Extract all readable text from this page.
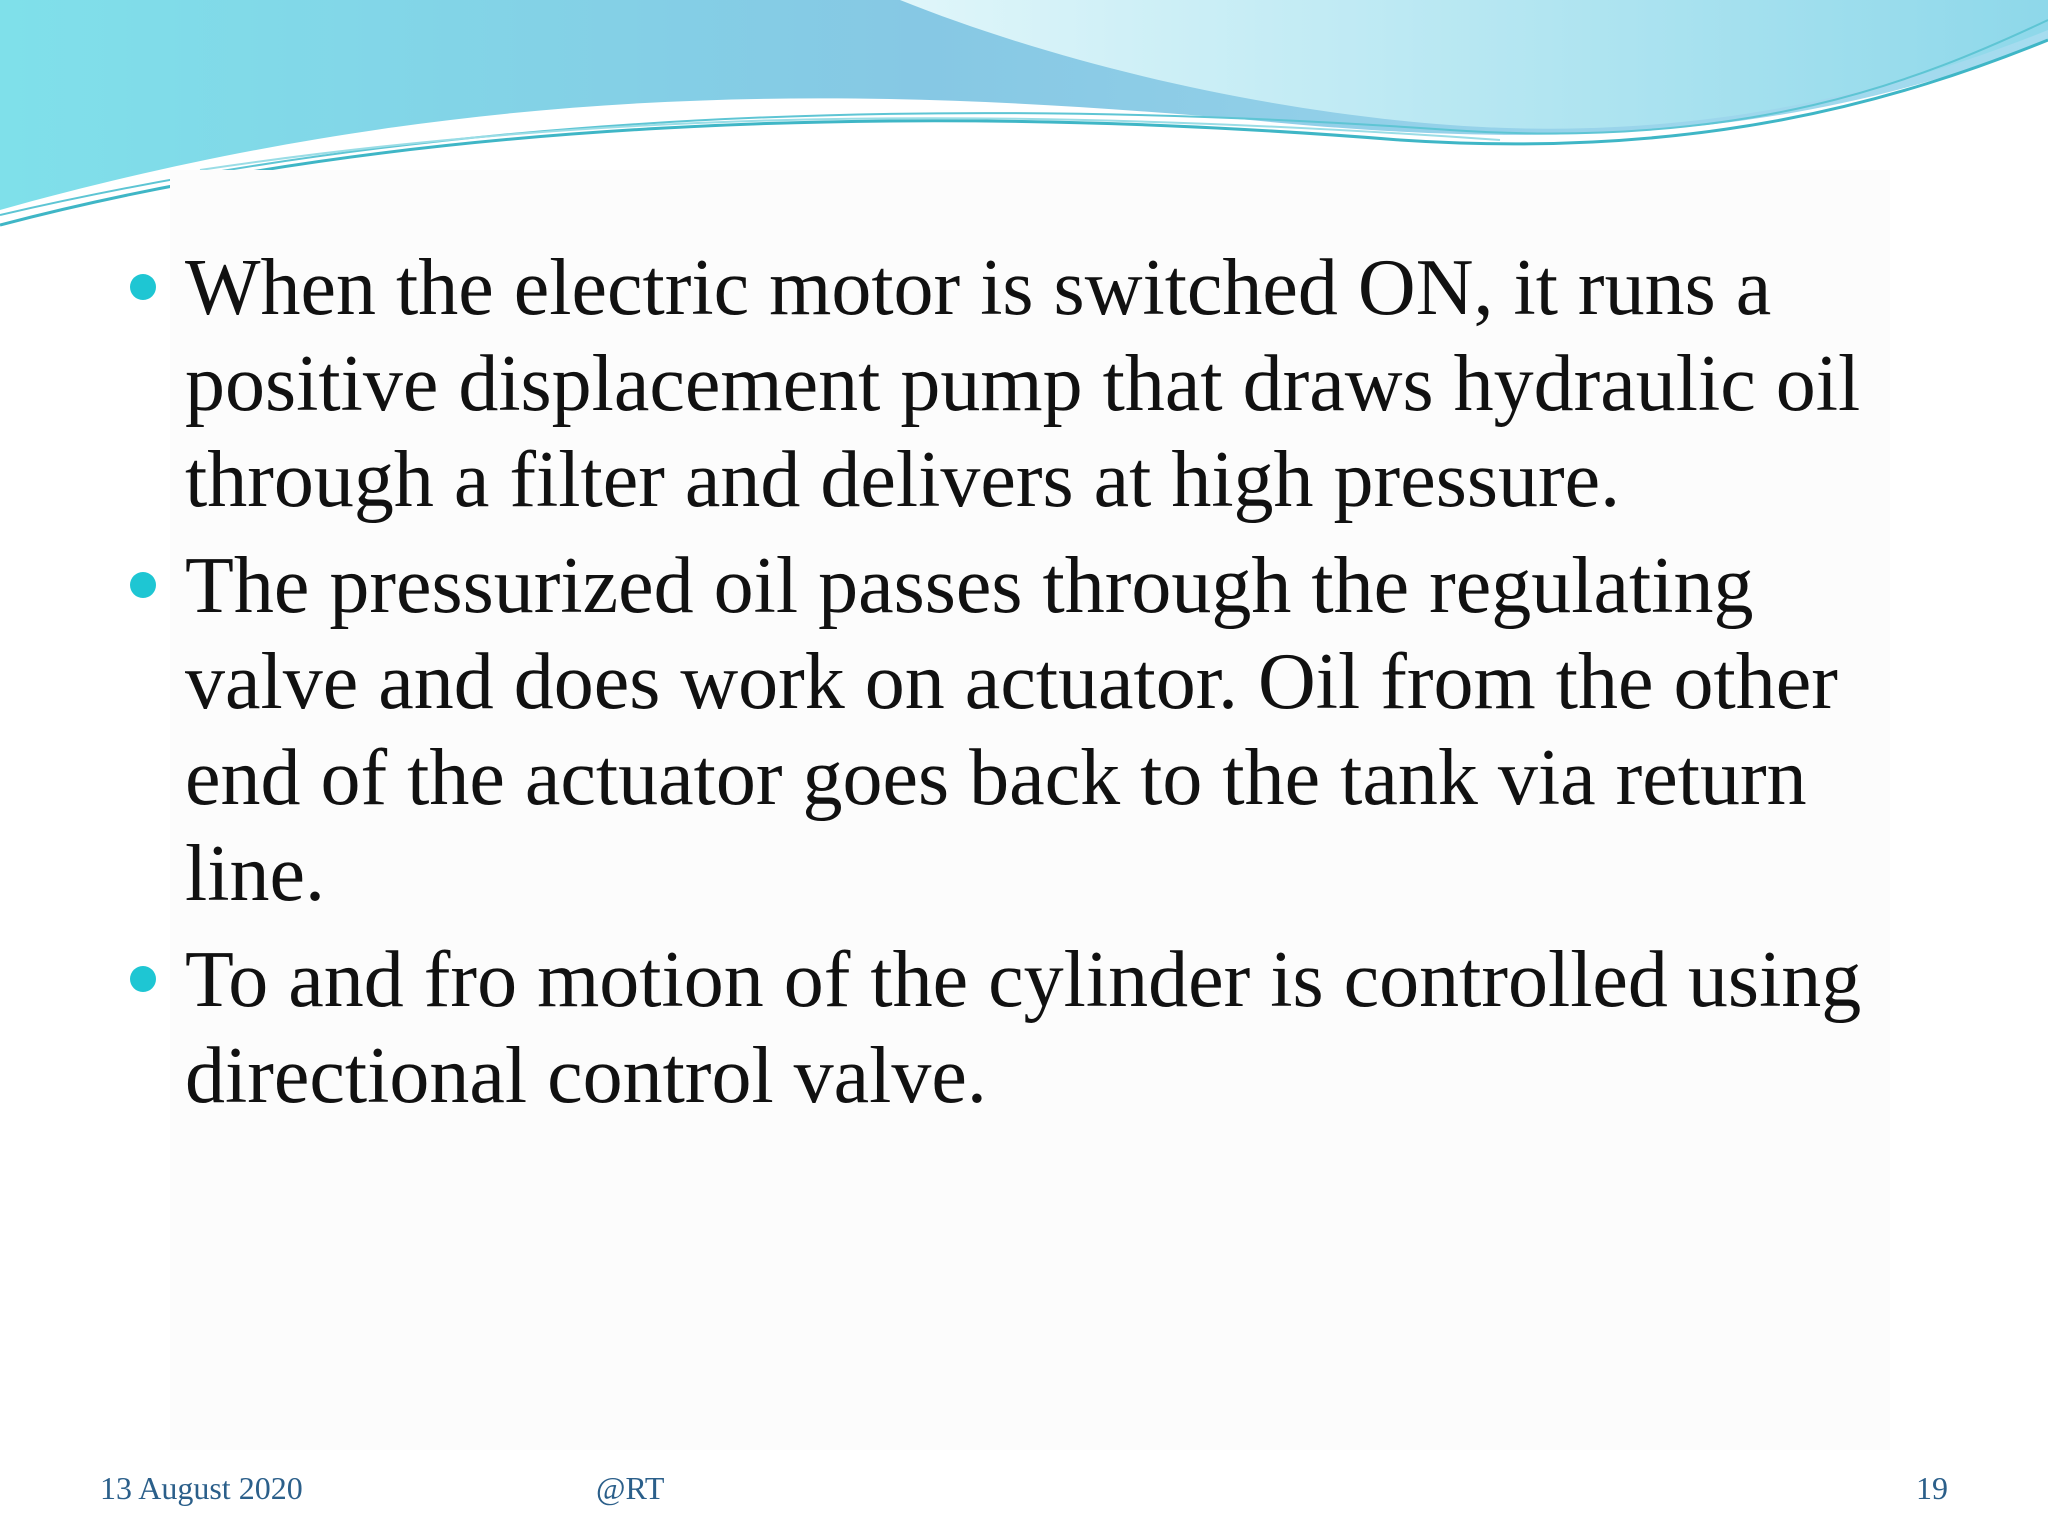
When the electric motor is switched ON, it runs a positive displacement pump that draws hydraulic oil through a filter and delivers at high pressure.
The pressurized oil passes through the regulating valve and does work on actuator. Oil from the other end of the actuator goes back to the tank via return line.
To and fro motion of the cylinder is controlled using directional control valve.
13 August 2020	@RT	19
